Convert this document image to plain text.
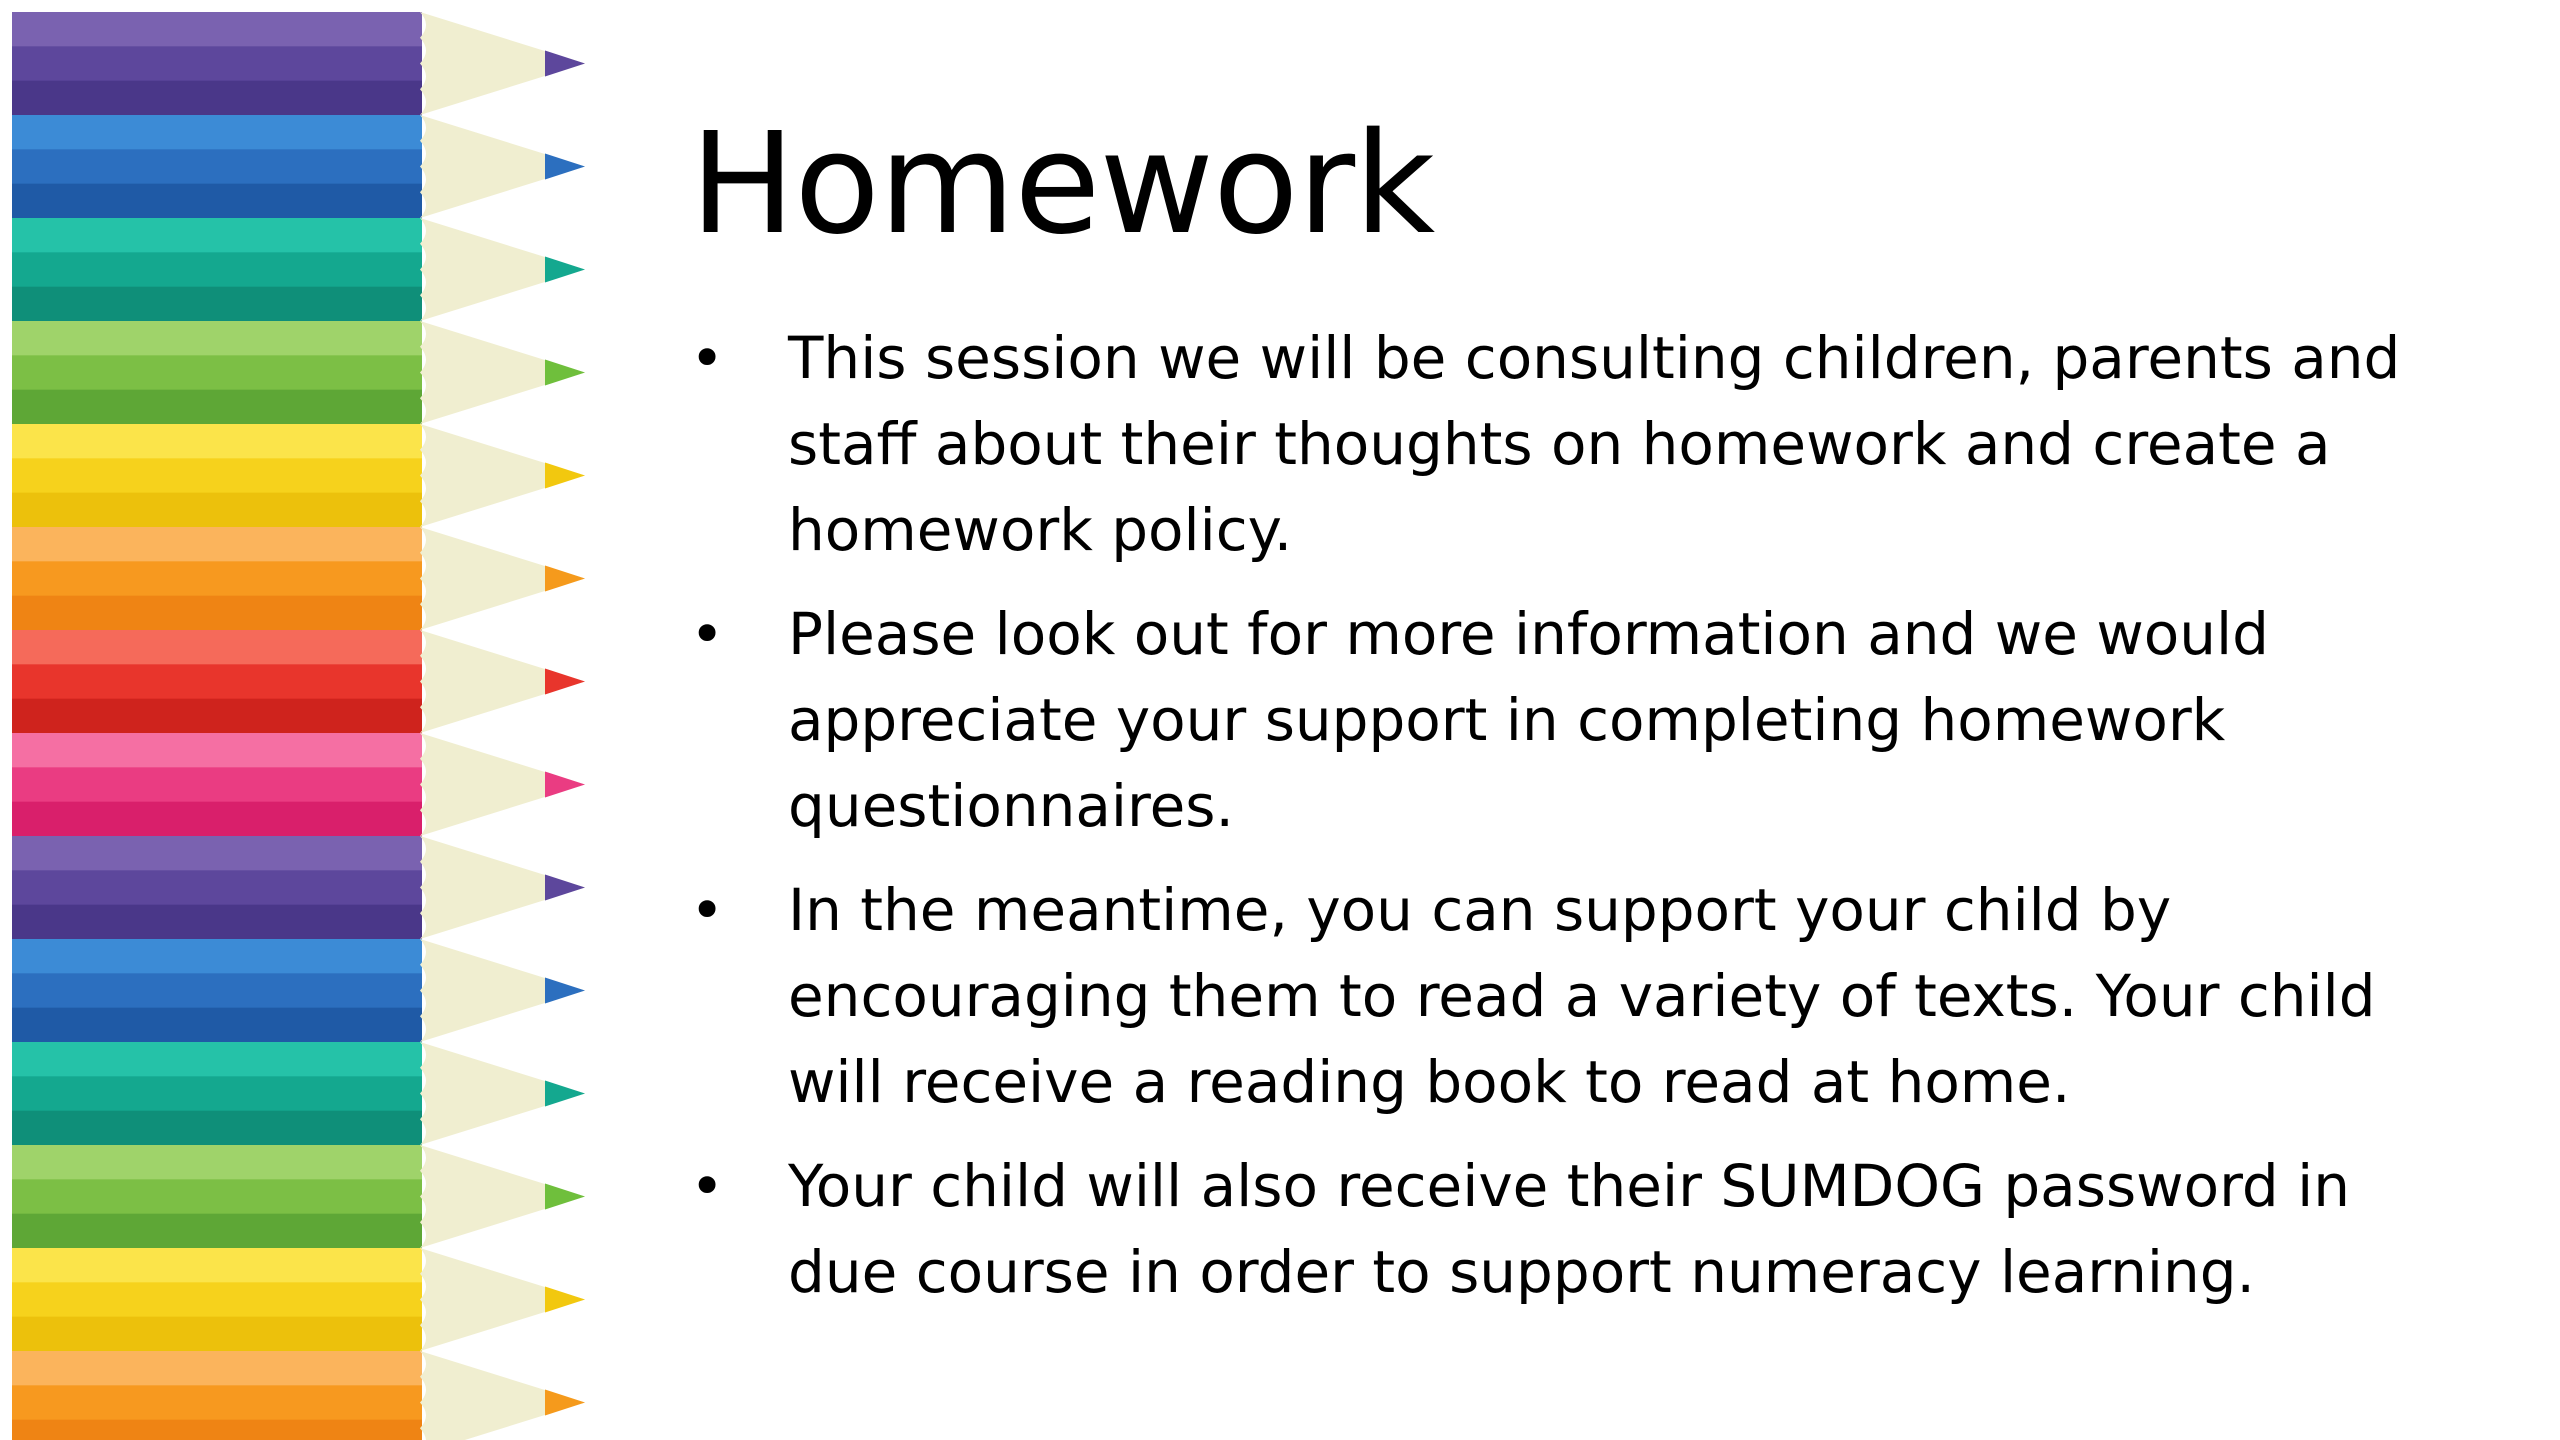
Homework
• This session we will be consulting children, parents and staff about their thoughts on homework and create a homework policy.
• Please look out for more information and we would appreciate your support in completing homework questionnaires.
• In the meantime, you can support your child by encouraging them to read a variety of texts. Your child will receive a reading book to read at home.
• Your child will also receive their SUMDOG password in due course in order to support numeracy learning.
